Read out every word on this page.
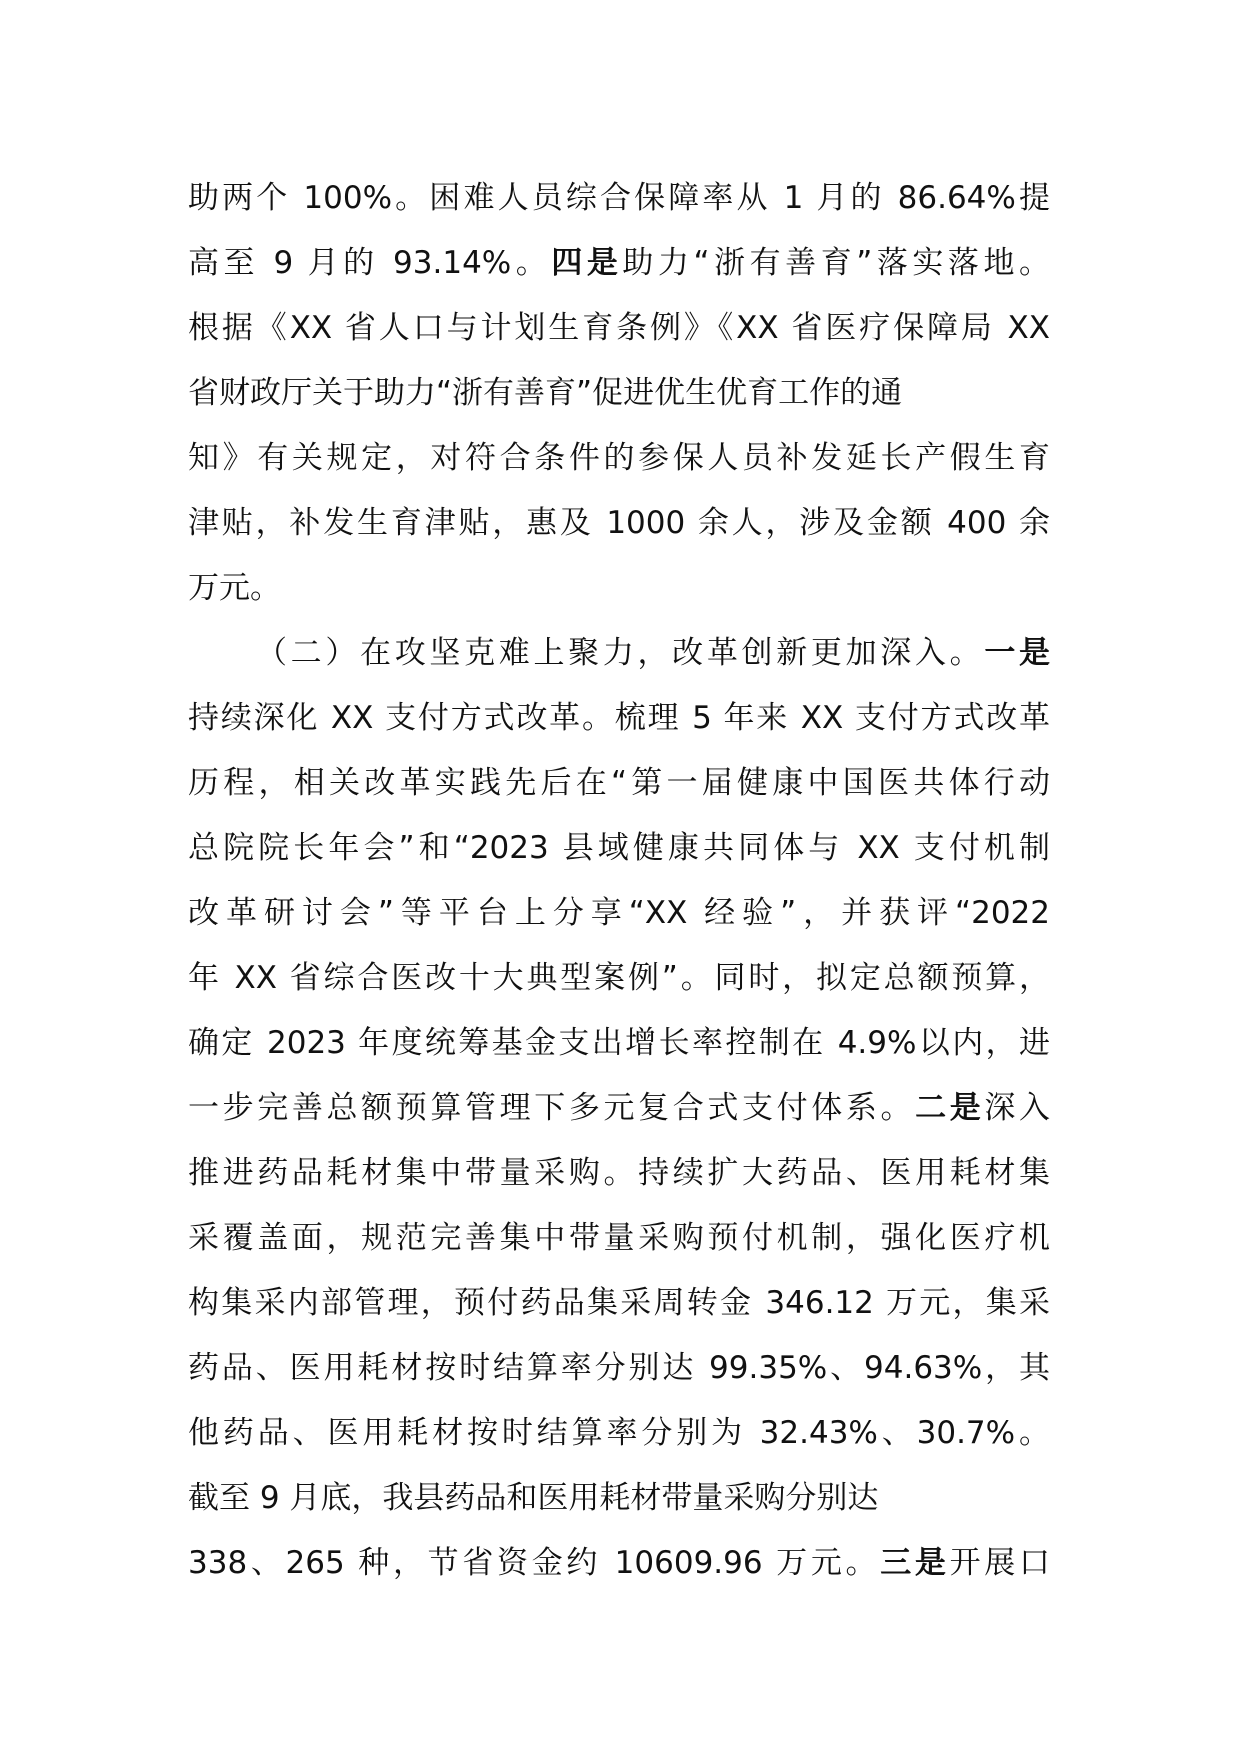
助两个 100%。困难人员综合保障率从 1 月的 86.64%提
高至 9 月的 93.14%。四是助力“浙有善育”落实落地。
根据《XX 省人口与计划生育条例》《XX 省医疗保障局 XX
省财政厅关于助力“浙有善育”促进优生优育工作的通
知》有关规定，对符合条件的参保人员补发延长产假生育
津贴，补发生育津贴，惠及 1000 余人，涉及金额 400 余
万元。
（二）在攻坚克难上聚力，改革创新更加深入。一是
持续深化 XX 支付方式改革。梳理 5 年来 XX 支付方式改革
历程，相关改革实践先后在“第一届健康中国医共体行动
总院院长年会”和“2023 县域健康共同体与 XX 支付机制
改革研讨会”等平台上分享“XX 经验”，并获评“2022
年 XX 省综合医改十大典型案例”。同时，拟定总额预算，
确定 2023 年度统筹基金支出增长率控制在 4.9%以内，进
一步完善总额预算管理下多元复合式支付体系。二是深入
推进药品耗材集中带量采购。持续扩大药品、医用耗材集
采覆盖面，规范完善集中带量采购预付机制，强化医疗机
构集采内部管理，预付药品集采周转金 346.12 万元，集采
药品、医用耗材按时结算率分别达 99.35%、94.63%，其
他药品、医用耗材按时结算率分别为 32.43%、30.7%。
截至 9 月底，我县药品和医用耗材带量采购分别达
338、265 种，节省资金约 10609.96 万元。三是开展口
